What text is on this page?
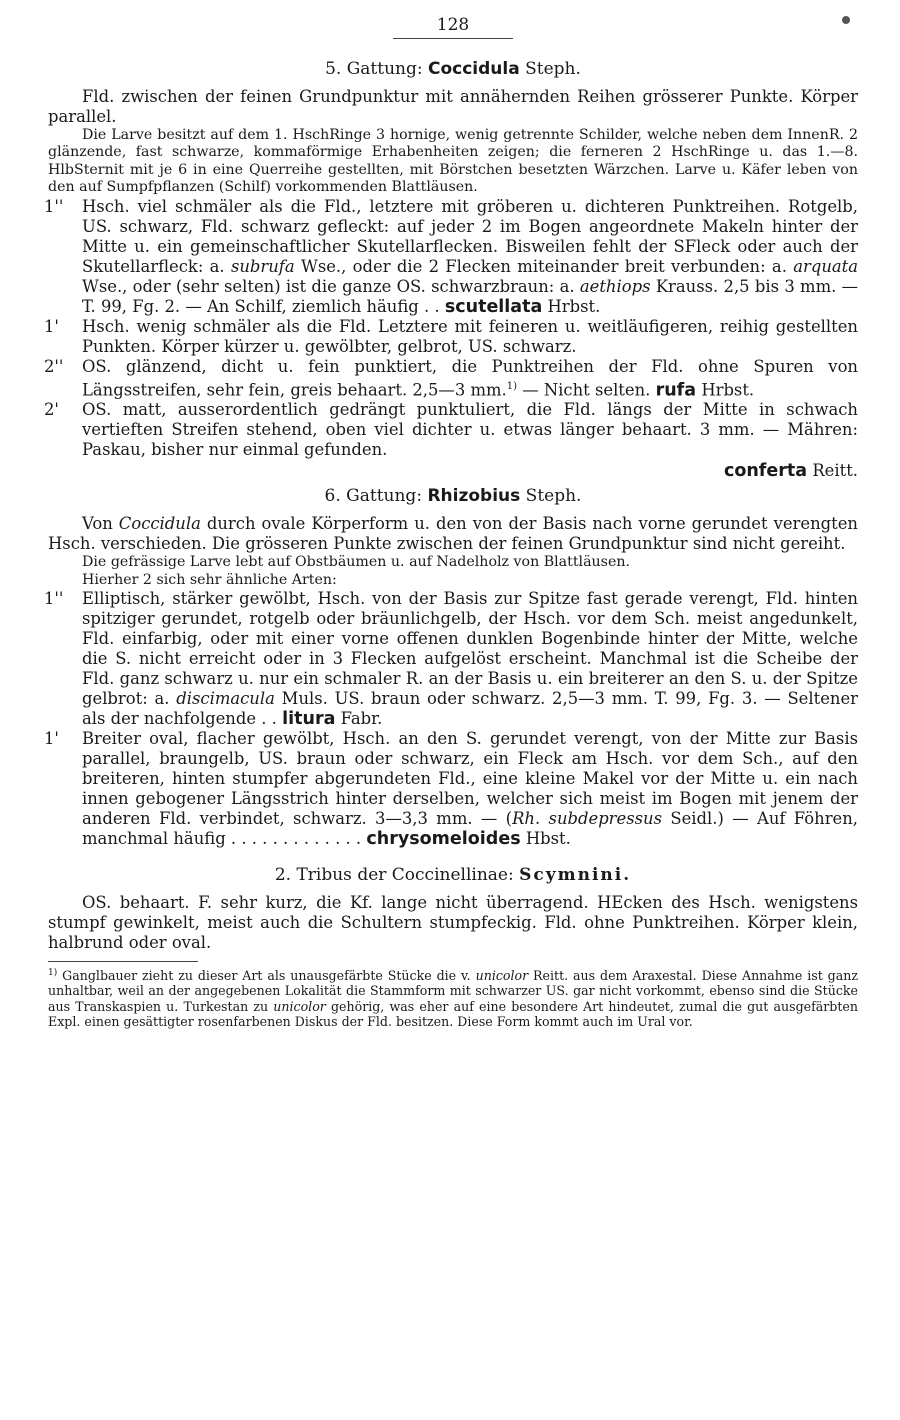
128
5. Gattung: Coccidula Steph.

Fld. zwischen der feinen Grundpunktur mit annähernden Reihen grösserer Punkte. Körper parallel.

Die Larve besitzt auf dem 1. HschRinge 3 hornige, wenig getrennte Schilder, welche neben dem InnenR. 2 glänzende, fast schwarze, kommaförmige Erhabenheiten zeigen; die ferneren 2 HschRinge u. das 1.—8. HlbSternit mit je 6 in eine Querreihe gestellten, mit Börstchen besetzten Wärzchen. Larve u. Käfer leben von den auf Sumpfpflanzen (Schilf) vorkommenden Blattläusen.

1'' Hsch. viel schmäler als die Fld., letztere mit gröberen u. dichteren Punktreihen. Rotgelb, US. schwarz, Fld. schwarz gefleckt: auf jeder 2 im Bogen angeordnete Makeln hinter der Mitte u. ein gemeinschaftlicher Skutellarflecken. Bisweilen fehlt der SFleck oder auch der Skutellarfleck: a. subrufa Wse., oder die 2 Flecken miteinander breit verbunden: a. arquata Wse., oder (sehr selten) ist die ganze OS. schwarzbraun: a. aethiops Krauss. 2,5 bis 3 mm. — T. 99, Fg. 2. — An Schilf, ziemlich häufig . . scutellata Hrbst.

1' Hsch. wenig schmäler als die Fld. Letztere mit feineren u. weitläufigeren, reihig gestellten Punkten. Körper kürzer u. gewölbter, gelbrot, US. schwarz.

2'' OS. glänzend, dicht u. fein punktiert, die Punktreihen der Fld. ohne Spuren von Längsstreifen, sehr fein, greis behaart. 2,5—3 mm.$^{1)}$ — Nicht selten. rufa Hrbst.

2' OS. matt, ausserordentlich gedrängt punktuliert, die Fld. längs der Mitte in schwach vertieften Streifen stehend, oben viel dichter u. etwas länger behaart. 3 mm. — Mähren: Paskau, bisher nur einmal gefunden.

conferta Reitt.

6. Gattung: Rhizobius Steph.

Von Coccidula durch ovale Körperform u. den von der Basis nach vorne gerundet verengten Hsch. verschieden. Die grösseren Punkte zwischen der feinen Grundpunktur sind nicht gereiht.

Die gefrässige Larve lebt auf Obstbäumen u. auf Nadelholz von Blattläusen.

Hierher 2 sich sehr ähnliche Arten:

1'' Elliptisch, stärker gewölbt, Hsch. von der Basis zur Spitze fast gerade verengt, Fld. hinten spitziger gerundet, rotgelb oder bräunlichgelb, der Hsch. vor dem Sch. meist angedunkelt, Fld. einfarbig, oder mit einer vorne offenen dunklen Bogenbinde hinter der Mitte, welche die S. nicht erreicht oder in 3 Flecken aufgelöst erscheint. Manchmal ist die Scheibe der Fld. ganz schwarz u. nur ein schmaler R. an der Basis u. ein breiterer an den S. u. der Spitze gelbrot: a. discimacula Muls. US. braun oder schwarz. 2,5—3 mm. T. 99, Fg. 3. — Seltener als der nachfolgende . . litura Fabr.

1' Breiter oval, flacher gewölbt, Hsch. an den S. gerundet verengt, von der Mitte zur Basis parallel, braungelb, US. braun oder schwarz, ein Fleck am Hsch. vor dem Sch., auf den breiteren, hinten stumpfer abgerundeten Fld., eine kleine Makel vor der Mitte u. ein nach innen gebogener Längsstrich hinter derselben, welcher sich meist im Bogen mit jenem der anderen Fld. verbindet, schwarz. 3—3,3 mm. — (Rh. subdepressus Seidl.) — Auf Föhren, manchmal häufig . . . . . . . . . . . . . chrysomeloides Hbst.

2. Tribus der Coccinellinae: Scymnini.

OS. behaart. F. sehr kurz, die Kf. lange nicht überragend. HEcken des Hsch. wenigstens stumpf gewinkelt, meist auch die Schultern stumpfeckig. Fld. ohne Punktreihen. Körper klein, halbrund oder oval.

$^{1)}$ Ganglbauer zieht zu dieser Art als unausgefärbte Stücke die v. unicolor Reitt. aus dem Araxestal. Diese Annahme ist ganz unhaltbar, weil an der angegebenen Lokalität die Stammform mit schwarzer US. gar nicht vorkommt, ebenso sind die Stücke aus Transkaspien u. Turkestan zu unicolor gehörig, was eher auf eine besondere Art hindeutet, zumal die gut ausgefärbten Expl. einen gesättigter rosenfarbenen Diskus der Fld. besitzen. Diese Form kommt auch im Ural vor.
